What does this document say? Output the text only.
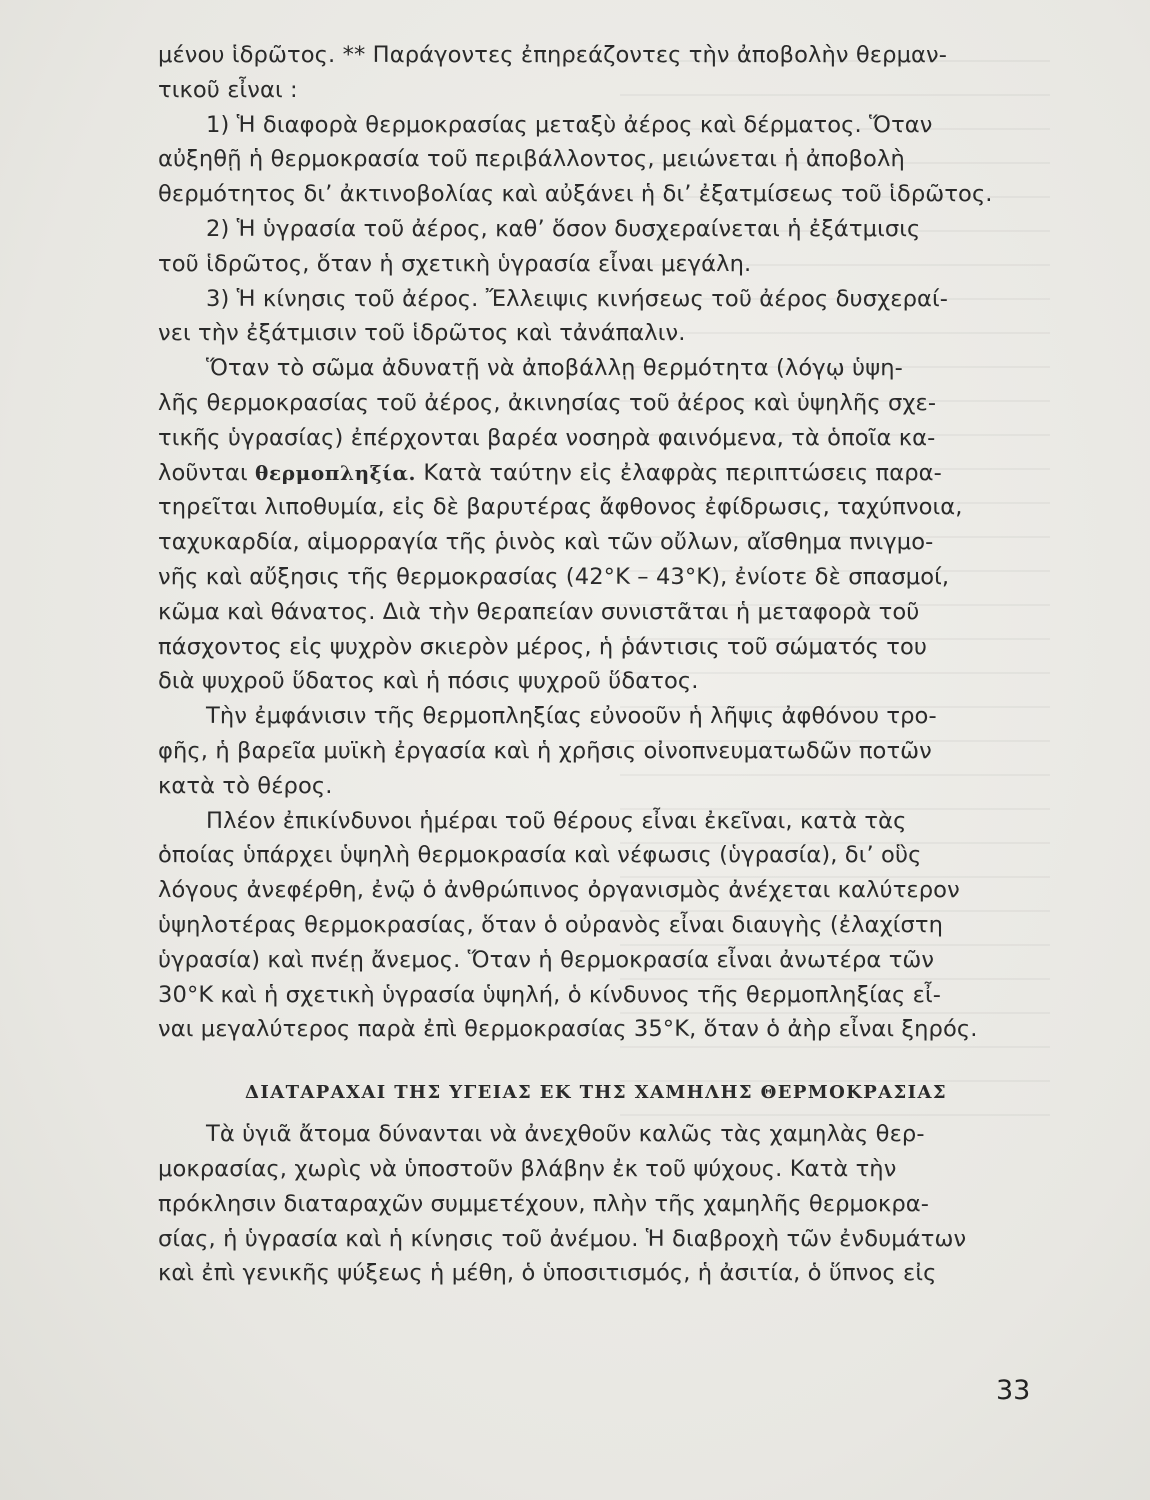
μένου ἱδρῶτος. ** Παράγοντες ἐπηρεάζοντες τὴν ἀποβολὴν θερμαν-
τικοῦ εἶναι :
1) Ἡ διαφορὰ θερμοκρασίας μεταξὺ ἀέρος καὶ δέρματος. Ὅταν
αὐξηθῇ ἡ θερμοκρασία τοῦ περιβάλλοντος, μειώνεται ἡ ἀποβολὴ
θερμότητος δι’ ἀκτινοβολίας καὶ αὐξάνει ἡ δι’ ἐξατμίσεως τοῦ ἱδρῶτος.
2) Ἡ ὑγρασία τοῦ ἀέρος, καθ’ ὅσον δυσχεραίνεται ἡ ἐξάτμισις
τοῦ ἱδρῶτος, ὅταν ἡ σχετικὴ ὑγρασία εἶναι μεγάλη.
3) Ἡ κίνησις τοῦ ἀέρος. Ἔλλειψις κινήσεως τοῦ ἀέρος δυσχεραί-
νει τὴν ἐξάτμισιν τοῦ ἱδρῶτος καὶ τἀνάπαλιν.
Ὅταν τὸ σῶμα ἀδυνατῇ νὰ ἀποβάλλῃ θερμότητα (λόγῳ ὑψη-
λῆς θερμοκρασίας τοῦ ἀέρος, ἀκινησίας τοῦ ἀέρος καὶ ὑψηλῆς σχε-
τικῆς ὑγρασίας) ἐπέρχονται βαρέα νοσηρὰ φαινόμενα, τὰ ὁποῖα κα-
λοῦνται θερμοπληξία. Κατὰ ταύτην εἰς ἐλαφρὰς περιπτώσεις παρα-
τηρεῖται λιποθυμία, εἰς δὲ βαρυτέρας ἄφθονος ἐφίδρωσις, ταχύπνοια,
ταχυκαρδία, αἱμορραγία τῆς ῥινὸς καὶ τῶν οὔλων, αἴσθημα πνιγμο-
νῆς καὶ αὔξησις τῆς θερμοκρασίας (42°Κ – 43°Κ), ἐνίοτε δὲ σπασμοί,
κῶμα καὶ θάνατος. Διὰ τὴν θεραπείαν συνιστᾶται ἡ μεταφορὰ τοῦ
πάσχοντος εἰς ψυχρὸν σκιερὸν μέρος, ἡ ῥάντισις τοῦ σώματός του
διὰ ψυχροῦ ὕδατος καὶ ἡ πόσις ψυχροῦ ὕδατος.
Τὴν ἐμφάνισιν τῆς θερμοπληξίας εὐνοοῦν ἡ λῆψις ἀφθόνου τρο-
φῆς, ἡ βαρεῖα μυϊκὴ ἐργασία καὶ ἡ χρῆσις οἰνοπνευματωδῶν ποτῶν
κατὰ τὸ θέρος.
Πλέον ἐπικίνδυνοι ἡμέραι τοῦ θέρους εἶναι ἐκεῖναι, κατὰ τὰς
ὁποίας ὑπάρχει ὑψηλὴ θερμοκρασία καὶ νέφωσις (ὑγρασία), δι’ οὓς
λόγους ἀνεφέρθη, ἐνῷ ὁ ἀνθρώπινος ὀργανισμὸς ἀνέχεται καλύτερον
ὑψηλοτέρας θερμοκρασίας, ὅταν ὁ οὐρανὸς εἶναι διαυγὴς (ἐλαχίστη
ὑγρασία) καὶ πνέῃ ἄνεμος. Ὅταν ἡ θερμοκρασία εἶναι ἀνωτέρα τῶν
30°Κ καὶ ἡ σχετικὴ ὑγρασία ὑψηλή, ὁ κίνδυνος τῆς θερμοπληξίας εἶ-
ναι μεγαλύτερος παρὰ ἐπὶ θερμοκρασίας 35°Κ, ὅταν ὁ ἀὴρ εἶναι ξηρός.
ΔΙΑΤΑΡΑΧΑΙ ΤΗΣ ΥΓΕΙΑΣ ΕΚ ΤΗΣ ΧΑΜΗΛΗΣ ΘΕΡΜΟΚΡΑΣΙΑΣ
Τὰ ὑγιᾶ ἄτομα δύνανται νὰ ἀνεχθοῦν καλῶς τὰς χαμηλὰς θερ-
μοκρασίας, χωρὶς νὰ ὑποστοῦν βλάβην ἐκ τοῦ ψύχους. Κατὰ τὴν
πρόκλησιν διαταραχῶν συμμετέχουν, πλὴν τῆς χαμηλῆς θερμοκρα-
σίας, ἡ ὑγρασία καὶ ἡ κίνησις τοῦ ἀνέμου. Ἡ διαβροχὴ τῶν ἐνδυμάτων
καὶ ἐπὶ γενικῆς ψύξεως ἡ μέθη, ὁ ὑποσιτισμός, ἡ ἀσιτία, ὁ ὕπνος εἰς
33
